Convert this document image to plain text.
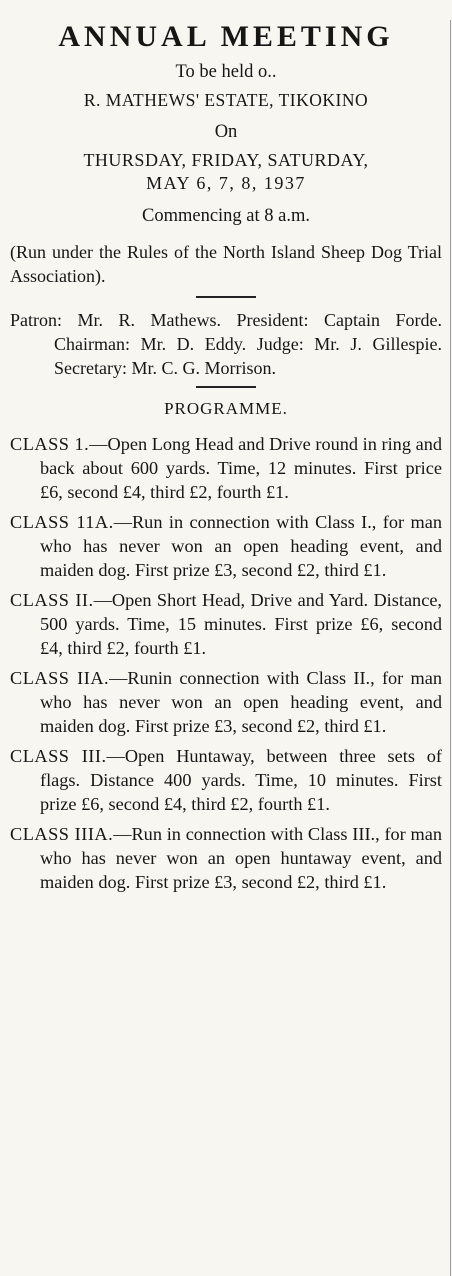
ANNUAL MEETING

To be held o..

R. MATHEWS' ESTATE, TIKOKINO

On

THURSDAY, FRIDAY, SATURDAY,

MAY 6, 7, 8, 1937

Commencing at 8 a.m.

(Run under the Rules of the North Island Sheep Dog Trial Association).

Patron: Mr. R. Mathews. President: Captain Forde. Chairman: Mr. D. Eddy. Judge: Mr. J. Gillespie. Secretary: Mr. C. G. Morrison.

PROGRAMME.

CLASS 1.—Open Long Head and Drive round in ring and back about 600 yards. Time, 12 minutes. First price £6, second £4, third £2, fourth £1.

CLASS 11A.—Run in connection with Class I., for man who has never won an open heading event, and maiden dog. First prize £3, second £2, third £1.

CLASS II.—Open Short Head, Drive and Yard. Distance, 500 yards. Time, 15 minutes. First prize £6, second £4, third £2, fourth £1.

CLASS IIA.—Runin connection with Class II., for man who has never won an open heading event, and maiden dog. First prize £3, second £2, third £1.

CLASS III.—Open Huntaway, between three sets of flags. Distance 400 yards. Time, 10 minutes. First prize £6, second £4, third £2, fourth £1.

CLASS IIIA.—Run in connection with Class III., for man who has never won an open huntaway event, and maiden dog. First prize £3, second £2, third £1.
